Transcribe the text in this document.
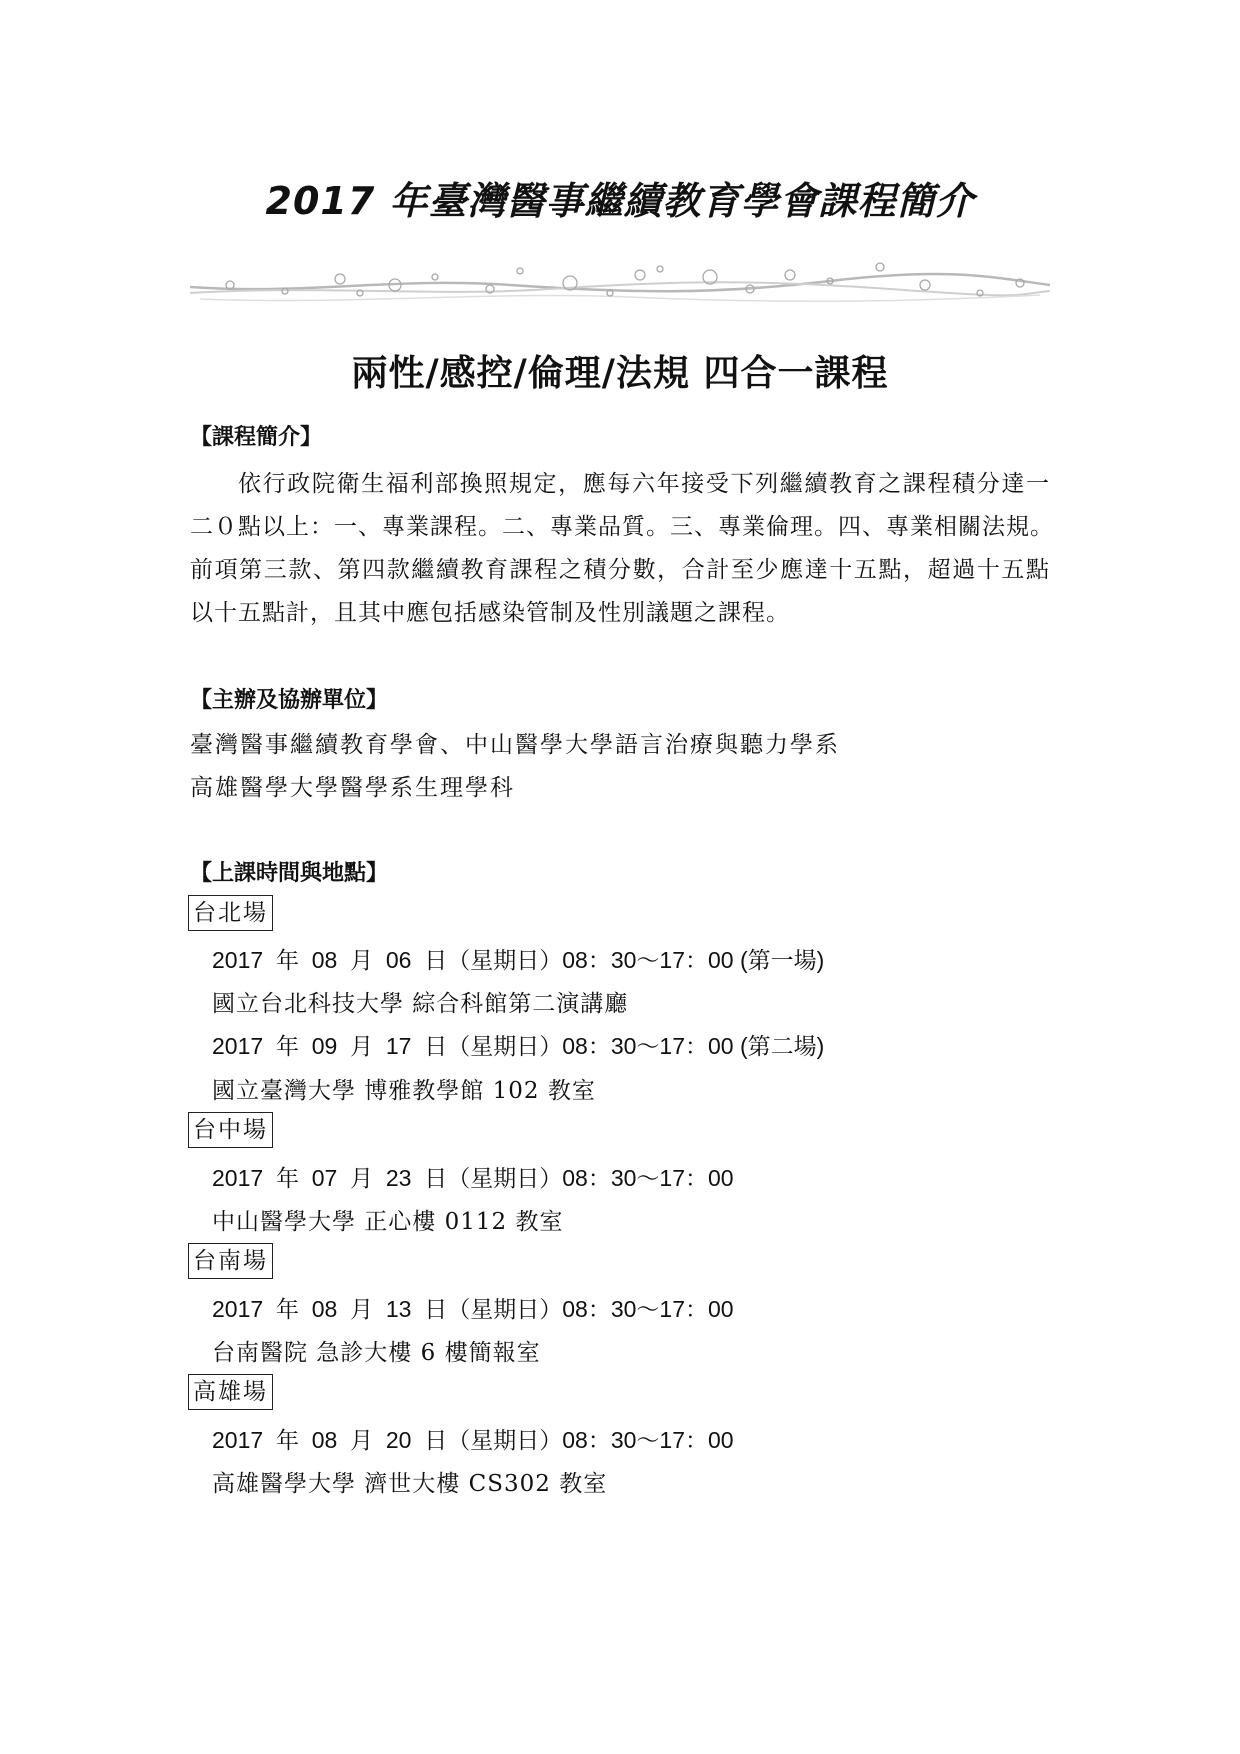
2017 年臺灣醫事繼續教育學會課程簡介
兩性/感控/倫理/法規 四合一課程
【課程簡介】
依行政院衛生福利部換照規定，應每六年接受下列繼續教育之課程積分達一
二０點以上：一、專業課程。二、專業品質。三、專業倫理。四、專業相關法規。
前項第三款、第四款繼續教育課程之積分數，合計至少應達十五點，超過十五點
以十五點計，且其中應包括感染管制及性別議題之課程。
【主辦及協辦單位】
臺灣醫事繼續教育學會、中山醫學大學語言治療與聽力學系
高雄醫學大學醫學系生理學科
【上課時間與地點】
台北場
2017  年  08  月  06  日（星期日）08：30～17：00 (第一場)
國立台北科技大學 綜合科館第二演講廳
2017  年  09  月  17  日（星期日）08：30～17：00 (第二場)
國立臺灣大學 博雅教學館 102 教室
台中場
2017  年  07  月  23  日（星期日）08：30～17：00
中山醫學大學 正心樓 0112 教室
台南場
2017  年  08  月  13  日（星期日）08：30～17：00
台南醫院 急診大樓 6 樓簡報室
高雄場
2017  年  08  月  20  日（星期日）08：30～17：00
高雄醫學大學 濟世大樓 CS302 教室
